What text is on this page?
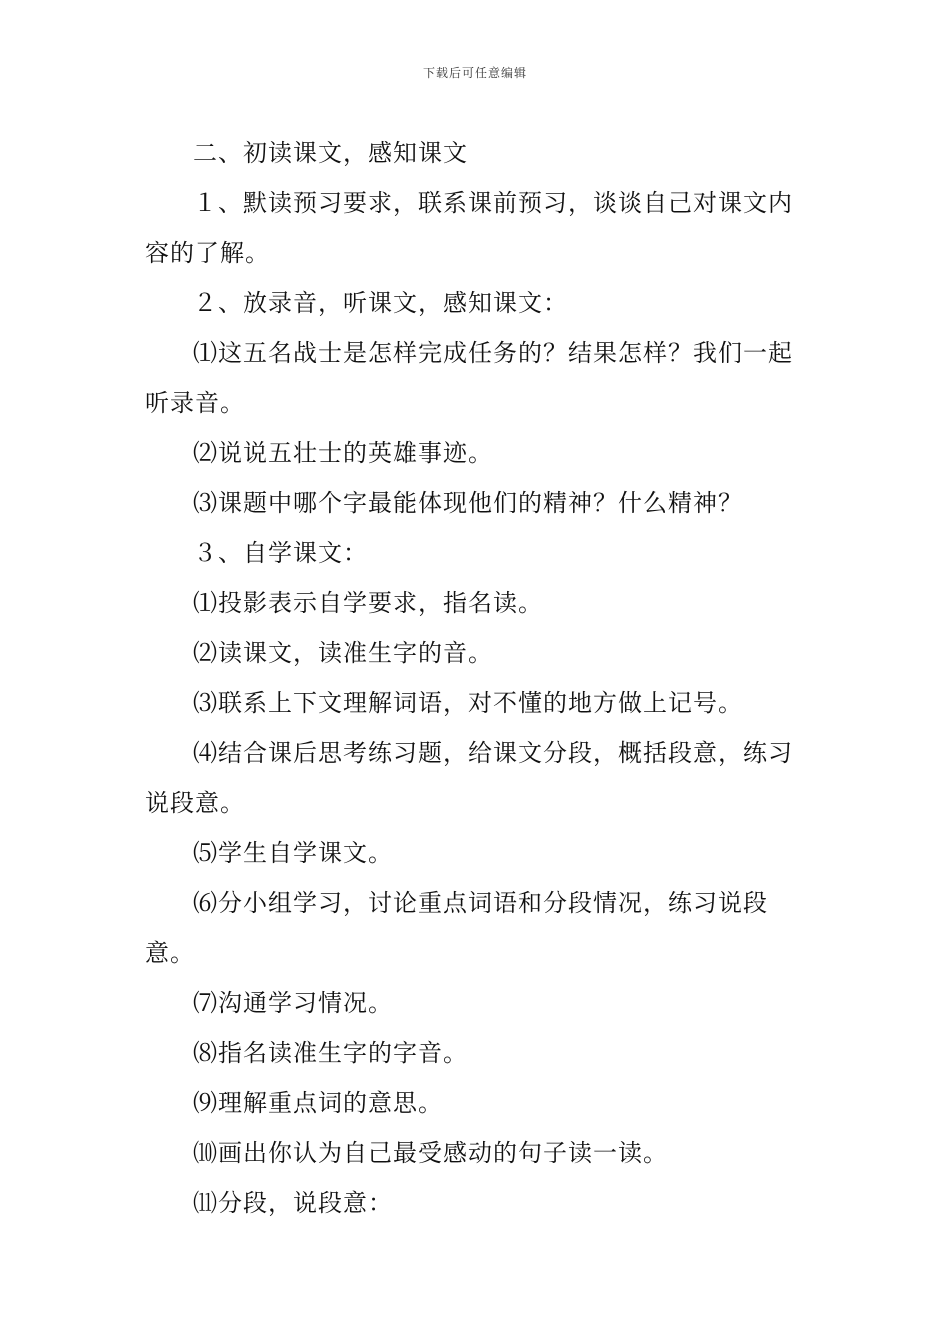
下载后可任意编辑

二、初读课文，感知课文

１、默读预习要求，联系课前预习，谈谈自己对课文内容的了解。

２、放录音，听课文，感知课文：

⑴这五名战士是怎样完成任务的？结果怎样？我们一起听录音。

⑵说说五壮士的英雄事迹。

⑶课题中哪个字最能体现他们的精神？什么精神？

３、自学课文：

⑴投影表示自学要求，指名读。

⑵读课文，读准生字的音。

⑶联系上下文理解词语，对不懂的地方做上记号。

⑷结合课后思考练习题，给课文分段，概括段意，练习说段意。

⑸学生自学课文。

⑹分小组学习，讨论重点词语和分段情况，练习说段意。

⑺沟通学习情况。

⑻指名读准生字的字音。

⑼理解重点词的意思。

⑽画出你认为自己最受感动的句子读一读。

⑾分段，说段意：
